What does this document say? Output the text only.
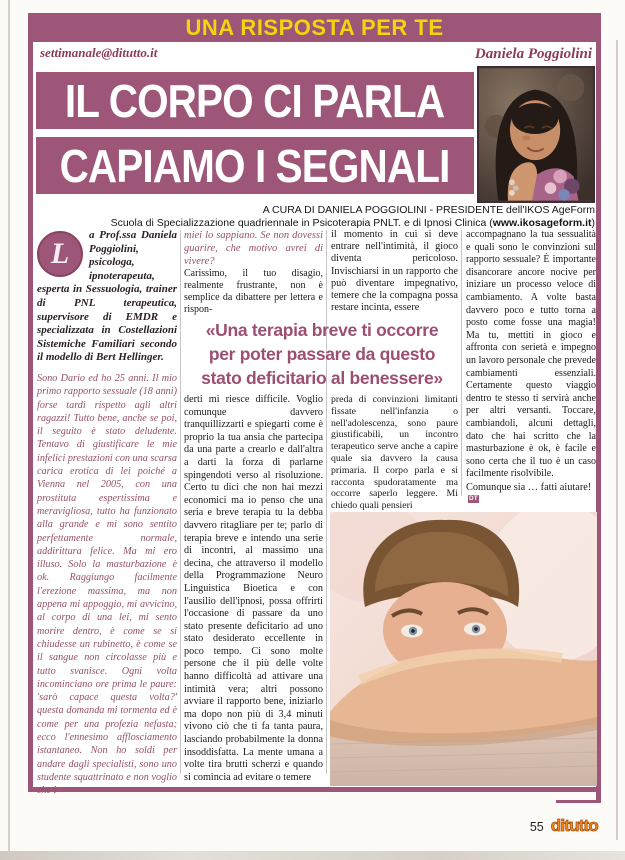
UNA RISPOSTA PER TE
settimanale@ditutto.it	Daniela Poggiolini
IL CORPO CI PARLA
CAPIAMO I SEGNALI
A CURA DI DANIELA POGGIOLINI - PRESIDENTE dell'IKOS AgeForm
Scuola di Specializzazione quadriennale in Psicoterapia PNLT. e di Ipnosi Clinica (www.ikosageform.it)
L
a Prof.ssa Daniela Poggiolini, psicologa, ipnoterapeuta, esperta in Sessuologia, trainer di PNL terapeutica, supervisore di EMDR e specializzata in Costellazioni Sistemiche Familiari secondo il modello di Bert Hellinger.
Sono Dario ed ho 25 anni. Il mio primo rapporto sessuale (18 anni) forse tardi rispetto agli altri ragazzi! Tutto bene, anche se poi, il seguito è stato deludente. Tentavo di giustificare le mie infelici prestazioni con una scarsa carica erotica di lei poiché a Vienna nel 2005, con una prostituta espertissima e meravigliosa, tutto ha funzionato alla grande e mi sono sentito perfettamente normale, addirittura felice. Ma mi ero illuso. Solo la masturbazione è ok. Raggiungo facilmente l'erezione massima, ma non appena mi appoggio, mi avvicino, al corpo di una lei, mi sento morire dentro, è come se si chiudesse un rubinetto, è come se il sangue non circolasse più e tutto svanisce. Ogni volta incominciano ore prima le paure: 'sarò capace questa volta?' questa domanda mi tormenta ed è come per una profezia nefasta; ecco l'ennesimo afflosciamento istantaneo. Non ho soldi per andare dagli specialisti, sono uno studente squattrinato e non voglio che i
miei lo sappiano. Se non dovessi guarire, che motivo avrei di vivere?
Carissimo, il tuo disagio, realmente frustrante, non è semplice da dibattere per lettera e rispon-
«Una terapia breve ti occorre
per poter passare da questo
stato deficitario al benessere»
derti mi riesce difficile. Voglio comunque davvero tranquillizzarti e spiegarti come è proprio la tua ansia che partecipa da una parte a crearlo e dall'altra a darti la forza di parlarne spingendoti verso al risoluzione. Certo tu dici che non hai mezzi economici ma io penso che una seria e breve terapia tu la debba davvero ritagliare per te; parlo di terapia breve e intendo una serie di incontri, al massimo una decina, che attraverso il modello della Programmazione Neuro Linguistica Bioetica e con l'ausilio dell'ipnosi, possa offrirti l'occasione di passare da uno stato presente deficitario ad uno stato desiderato eccellente in poco tempo. Ci sono molte persone che il più delle volte hanno difficoltà ad attivare una intimità vera; altri possono avviare il rapporto bene, iniziarlo ma dopo non più di 3,4 minuti vivono ciò che ti fa tanta paura, lasciando probabilmente la donna insoddisfatta. La mente umana a volte tira brutti scherzi e quando si comincia ad evitare o temere
il momento in cui si deve entrare nell'intimità, il gioco diventa pericoloso. Invischiarsi in un rapporto che può diventare impegnativo, temere che la compagna possa restare incinta, essere
preda di convinzioni limitanti fissate nell'infanzia o nell'adolescenza, sono paure giustificabili, un incontro terapeutico serve anche a capire quale sia davvero la causa primaria. Il corpo parla e si racconta spudoratamente ma occorre saperlo leggere. Mi chiedo quali pensieri
accompagnano la tua sessualità e quali sono le convinzioni sul rapporto sessuale? È importante disancorare ancore nocive per iniziare un processo veloce di cambiamento. A volte basta davvero poco e tutto torna a posto come fosse una magia! Ma tu, mettiti in gioco e affronta con serietà e impegno un lavoro personale che prevede cambiamenti essenziali. Certamente questo viaggio dentro te stesso ti servirà anche per altri versanti. Toccare, cambiandoli, alcuni dettagli, dato che hai scritto che la masturbazione è ok, è facile e sono certa che il tuo è un caso facilmente risolvibile.
Comunque sia … fatti aiutare!DT
55 ditutto
